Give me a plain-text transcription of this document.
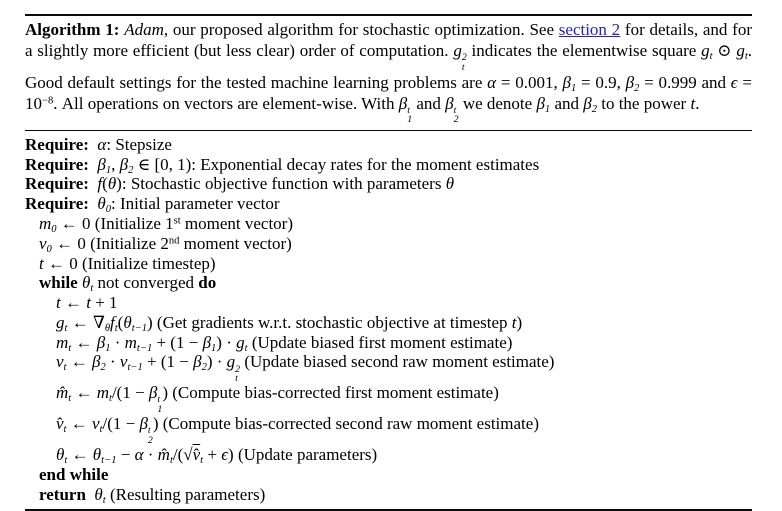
Algorithm 1: Adam, our proposed algorithm for stochastic optimization. See section 2 for details, and for a slightly more efficient (but less clear) order of computation. g 2
t
indicates the elementwise square $g_t$ ⊙ $g_t$. Good default settings for the tested machine learning problems are α = 0.001, $\beta_1 = 0.9$, $\beta_2 = 0.999$ and $\epsilon = 10^{-8}$. All operations on vectors are element-wise. With β t
1
and β t
2
we denote $\beta_1$ and $\beta_2$ to the power t.

Require: α: Stepsize
Require: $\beta_1$, $\beta_2$ ∈ [0, 1): Exponential decay rates for the moment estimates
Require: f(θ): Stochastic objective function with parameters θ
Require: $\theta_0$: Initial parameter vector
$m_0$ ← 0 (Initialize 1st moment vector)
$v_0$ ← 0 (Initialize 2nd moment vector)
t ← 0 (Initialize timestep)
while $\theta_t$ not converged do
t ← t + 1
$g_t$ ← $\nabla_\theta f_t(\theta_{t-1})$ (Get gradients w.r.t. stochastic objective at timestep t)
$m_t$ ← $\beta_1 \cdot m_{t-1} + (1 - \beta_1) \cdot g_t$ (Update biased first moment estimate)
$v_t$ ← $\beta_2 \cdot v_{t-1} + (1 - \beta_2) \cdot g$ 2
t
(Update biased second raw moment estimate)
$m̂_t$ ← $m_t/(1 - \beta$ t
1
) (Compute bias-corrected first moment estimate)
$v̂_t$ ← $v_t/(1 - \beta$ t
2
) (Compute bias-corrected second raw moment estimate)
$\theta_t$ ← $\theta_{t-1} - \alpha$ · $m̂_t/(√v̂_t + \epsilon)$ (Update parameters)
end while
return $\theta_t$ (Resulting parameters)
